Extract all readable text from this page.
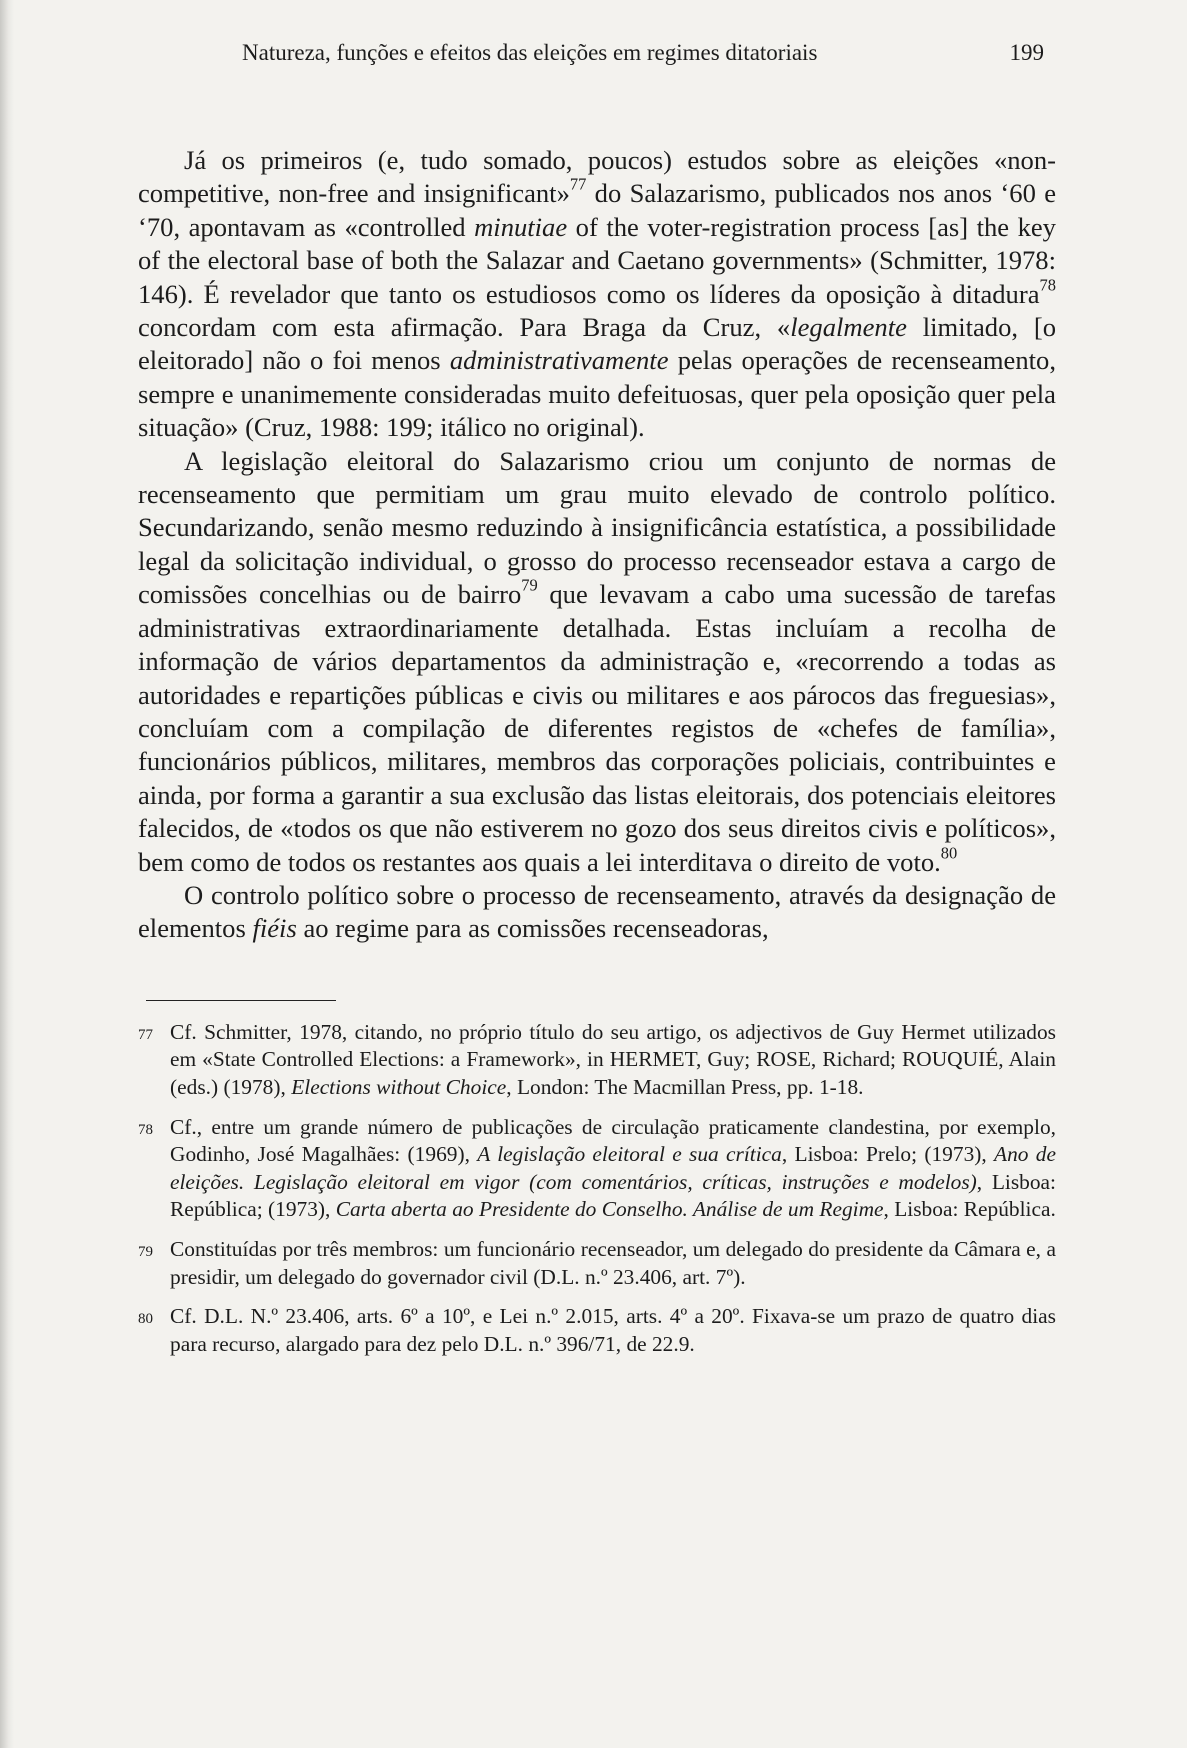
Natureza, funções e efeitos das eleições em regimes ditatoriais	199

Já os primeiros (e, tudo somado, poucos) estudos sobre as eleições «non-competitive, non-free and insignificant»$^{77}$ do Salazarismo, publicados nos anos ‘60 e ‘70, apontavam as «controlled minutiae of the voter-registration process [as] the key of the electoral base of both the Salazar and Caetano governments» (Schmitter, 1978: 146). É revelador que tanto os estudiosos como os líderes da oposição à ditadura$^{78}$ concordam com esta afirmação. Para Braga da Cruz, «legalmente limitado, [o eleitorado] não o foi menos administrativamente pelas operações de recenseamento, sempre e unanimemente consideradas muito defeituosas, quer pela oposição quer pela situação» (Cruz, 1988: 199; itálico no original).

A legislação eleitoral do Salazarismo criou um conjunto de normas de recenseamento que permitiam um grau muito elevado de controlo político. Secundarizando, senão mesmo reduzindo à insignificância estatística, a possibilidade legal da solicitação individual, o grosso do processo recenseador estava a cargo de comissões concelhias ou de bairro$^{79}$ que levavam a cabo uma sucessão de tarefas administrativas extraordinariamente detalhada. Estas incluíam a recolha de informação de vários departamentos da administração e, «recorrendo a todas as autoridades e repartições públicas e civis ou militares e aos párocos das freguesias», concluíam com a compilação de diferentes registos de «chefes de família», funcionários públicos, militares, membros das corporações policiais, contribuintes e ainda, por forma a garantir a sua exclusão das listas eleitorais, dos potenciais eleitores falecidos, de «todos os que não estiverem no gozo dos seus direitos civis e políticos», bem como de todos os restantes aos quais a lei interditava o direito de voto.$^{80}$

O controlo político sobre o processo de recenseamento, através da designação de elementos fiéis ao regime para as comissões recenseadoras,

77 Cf. Schmitter, 1978, citando, no próprio título do seu artigo, os adjectivos de Guy Hermet utilizados em «State Controlled Elections: a Framework», in HERMET, Guy; ROSE, Richard; ROUQUIÉ, Alain (eds.) (1978), Elections without Choice, London: The Macmillan Press, pp. 1-18.
78 Cf., entre um grande número de publicações de circulação praticamente clandestina, por exemplo, Godinho, José Magalhães: (1969), A legislação eleitoral e sua crítica, Lisboa: Prelo; (1973), Ano de eleições. Legislação eleitoral em vigor (com comentários, críticas, instruções e modelos), Lisboa: República; (1973), Carta aberta ao Presidente do Conselho. Análise de um Regime, Lisboa: República.
79 Constituídas por três membros: um funcionário recenseador, um delegado do presidente da Câmara e, a presidir, um delegado do governador civil (D.L. n.º 23.406, art. 7º).
80 Cf. D.L. N.º 23.406, arts. 6º a 10º, e Lei n.º 2.015, arts. 4º a 20º. Fixava-se um prazo de quatro dias para recurso, alargado para dez pelo D.L. n.º 396/71, de 22.9.
